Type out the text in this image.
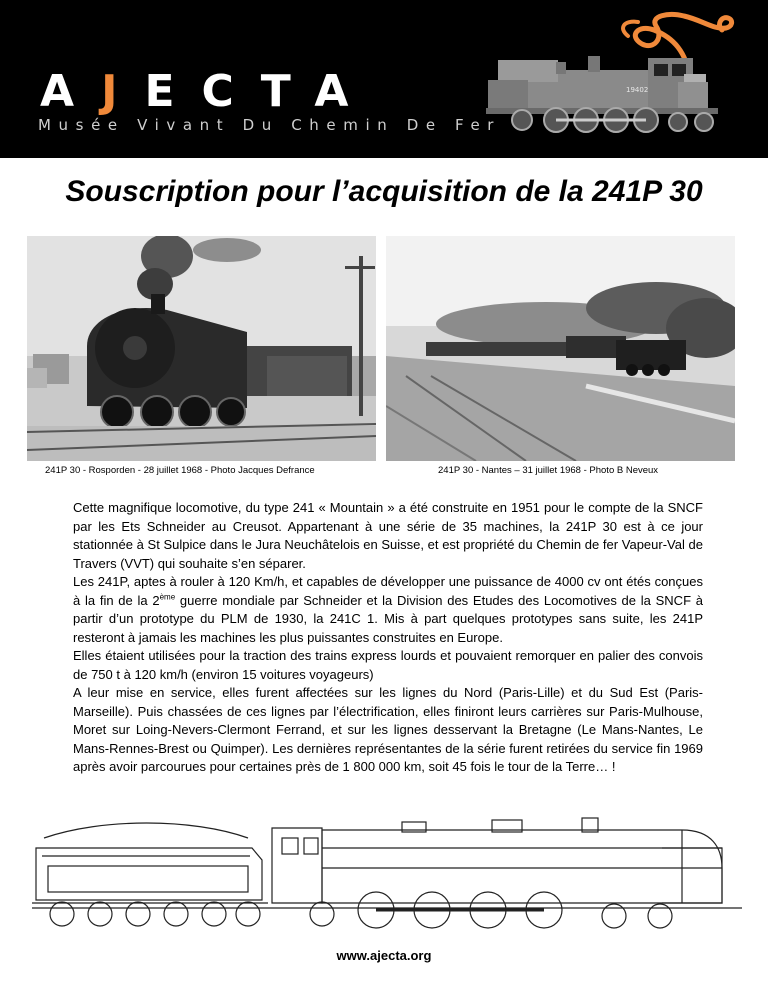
AJECTA
Musée Vivant Du Chemin De Fer
19402
Souscription pour l’acquisition de la 241P 30
241P 30 - Rosporden - 28 juillet 1968 - Photo Jacques Defrance	241P 30 - Nantes – 31 juillet 1968 - Photo B Neveux

Cette magnifique locomotive, du type 241 « Mountain » a été construite en 1951 pour le compte de la SNCF par les Ets Schneider au Creusot. Appartenant à une série de 35 machines, la 241P 30 est à ce jour stationnée à St Sulpice dans le Jura Neuchâtelois en Suisse, et est propriété du Chemin de fer Vapeur-Val de Travers (VVT) qui souhaite s’en séparer.

Les 241P, aptes à rouler à 120 Km/h, et capables de développer une puissance de 4000 cv ont étés conçues à la fin de la 2ème guerre mondiale par Schneider et la Division des Etudes des Locomotives de la SNCF à partir d’un prototype du PLM de 1930, la 241C 1. Mis à part quelques prototypes sans suite, les 241P resteront à jamais les machines les plus puissantes construites en Europe.

Elles étaient utilisées pour la traction des trains express lourds et pouvaient remorquer en palier des convois de 750 t à 120 km/h (environ 15 voitures voyageurs)

A leur mise en service, elles furent affectées sur les lignes du Nord (Paris-Lille) et du Sud Est (Paris-Marseille). Puis chassées de ces lignes par l’électrification, elles finiront leurs carrières sur Paris-Mulhouse, Moret sur Loing-Nevers-Clermont Ferrand, et sur les lignes desservant la Bretagne (Le Mans-Nantes, Le Mans-Rennes-Brest ou Quimper). Les dernières représentantes de la série furent retirées du service fin 1969 après avoir parcourues pour certaines près de 1 800 000 km, soit 45 fois le tour de la Terre… !

www.ajecta.org
